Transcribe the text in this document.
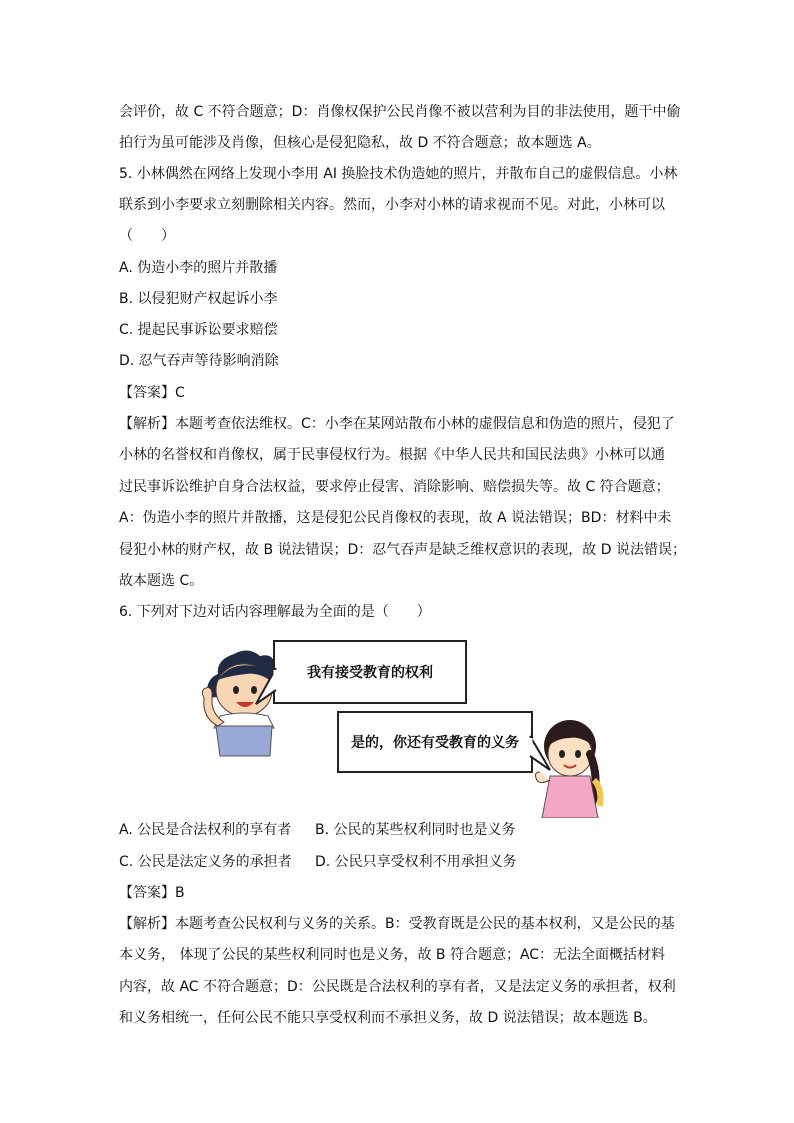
会评价，故 C 不符合题意；D：肖像权保护公民肖像不被以营利为目的非法使用，题干中偷
拍行为虽可能涉及肖像，但核心是侵犯隐私，故 D 不符合题意；故本题选 A。
5. 小林偶然在网络上发现小李用 AI 换脸技术伪造她的照片，并散布自己的虚假信息。小林
联系到小李要求立刻删除相关内容。然而，小李对小林的请求视而不见。对此，小林可以
（　　）
A. 伪造小李的照片并散播
B. 以侵犯财产权起诉小李
C. 提起民事诉讼要求赔偿
D. 忍气吞声等待影响消除
【答案】C
【解析】本题考查依法维权。C：小李在某网站散布小林的虚假信息和伪造的照片，侵犯了
小林的名誉权和肖像权，属于民事侵权行为。根据《中华人民共和国民法典》小林可以通
过民事诉讼维护自身合法权益，要求停止侵害、消除影响、赔偿损失等。故 C 符合题意；
A：伪造小李的照片并散播，这是侵犯公民肖像权的表现，故 A 说法错误；BD：材料中未
侵犯小林的财产权，故 B 说法错误；D：忍气吞声是缺乏维权意识的表现，故 D 说法错误；
故本题选 C。
6. 下列对下边对话内容理解最为全面的是（　　）
我有接受教育的权利
是的，你还有受教育的义务
A. 公民是合法权利的享有者 B. 公民的某些权利同时也是义务
C. 公民是法定义务的承担者 D. 公民只享受权利不用承担义务
【答案】B
【解析】本题考查公民权利与义务的关系。B：受教育既是公民的基本权利，又是公民的基
本义务， 体现了公民的某些权利同时也是义务，故 B 符合题意；AC：无法全面概括材料
内容，故 AC 不符合题意；D：公民既是合法权利的享有者，又是法定义务的承担者，权利
和义务相统一，任何公民不能只享受权利而不承担义务，故 D 说法错误；故本题选 B。
